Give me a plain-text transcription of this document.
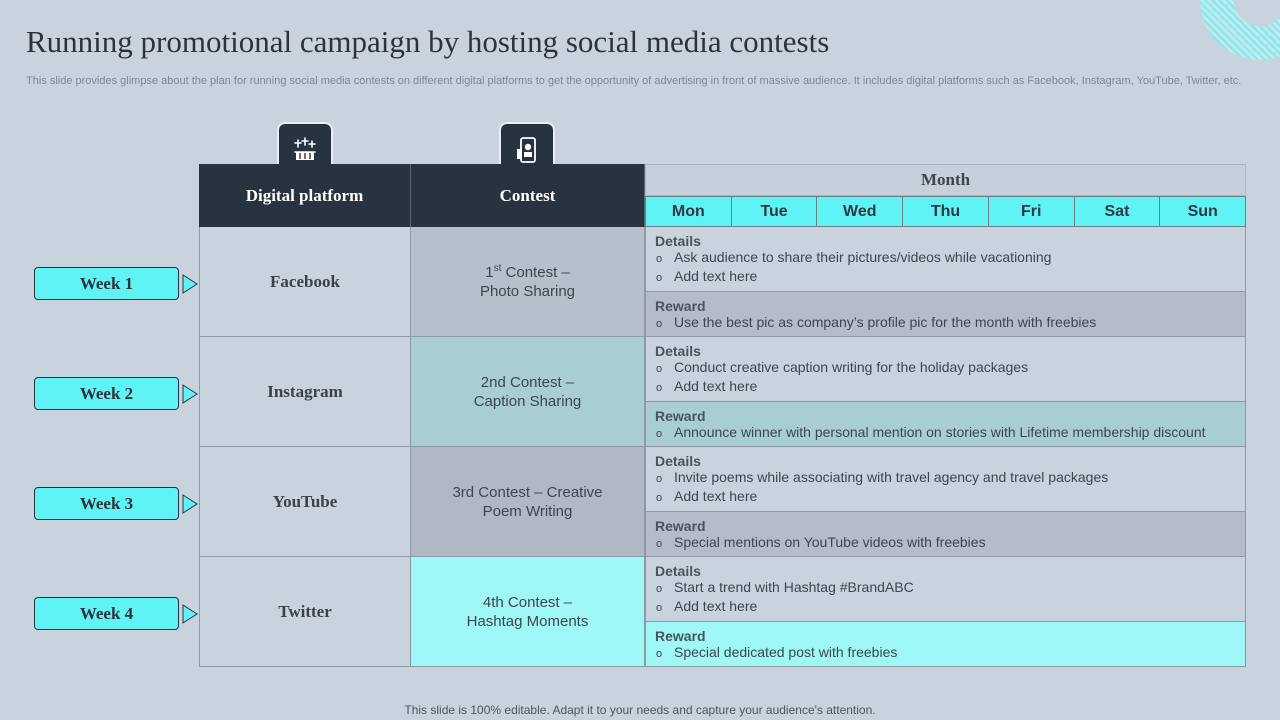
Running promotional campaign by hosting social media contests
This slide provides glimpse about the plan for running social media contests on different digital platforms to get the opportunity of advertising in front of massive audience. It includes digital platforms such as Facebook, Instagram, YouTube, Twitter, etc.
Digital platform	Contest
Month
Mon	Tue	Wed	Thu	Fri	Sat	Sun
Week 1	Facebook	1st Contest –
Photo Sharing
Details
o Ask audience to share their pictures/videos while vacationing
o Add text here
Reward
o Use the best pic as company’s profile pic for the month with freebies
Week 2	Instagram	2nd Contest –
Caption Sharing
Details
o Conduct creative caption writing for the holiday packages
o Add text here
Reward
o Announce winner with personal mention on stories with Lifetime membership discount
Week 3	YouTube	3rd Contest – Creative
Poem Writing
Details
o Invite poems while associating with travel agency and travel packages
o Add text here
Reward
o Special mentions on YouTube videos with freebies
Week 4	Twitter	4th Contest –
Hashtag Moments
Details
o Start a trend with Hashtag #BrandABC
o Add text here
Reward
o Special dedicated post with freebies
This slide is 100% editable. Adapt it to your needs and capture your audience's attention.
